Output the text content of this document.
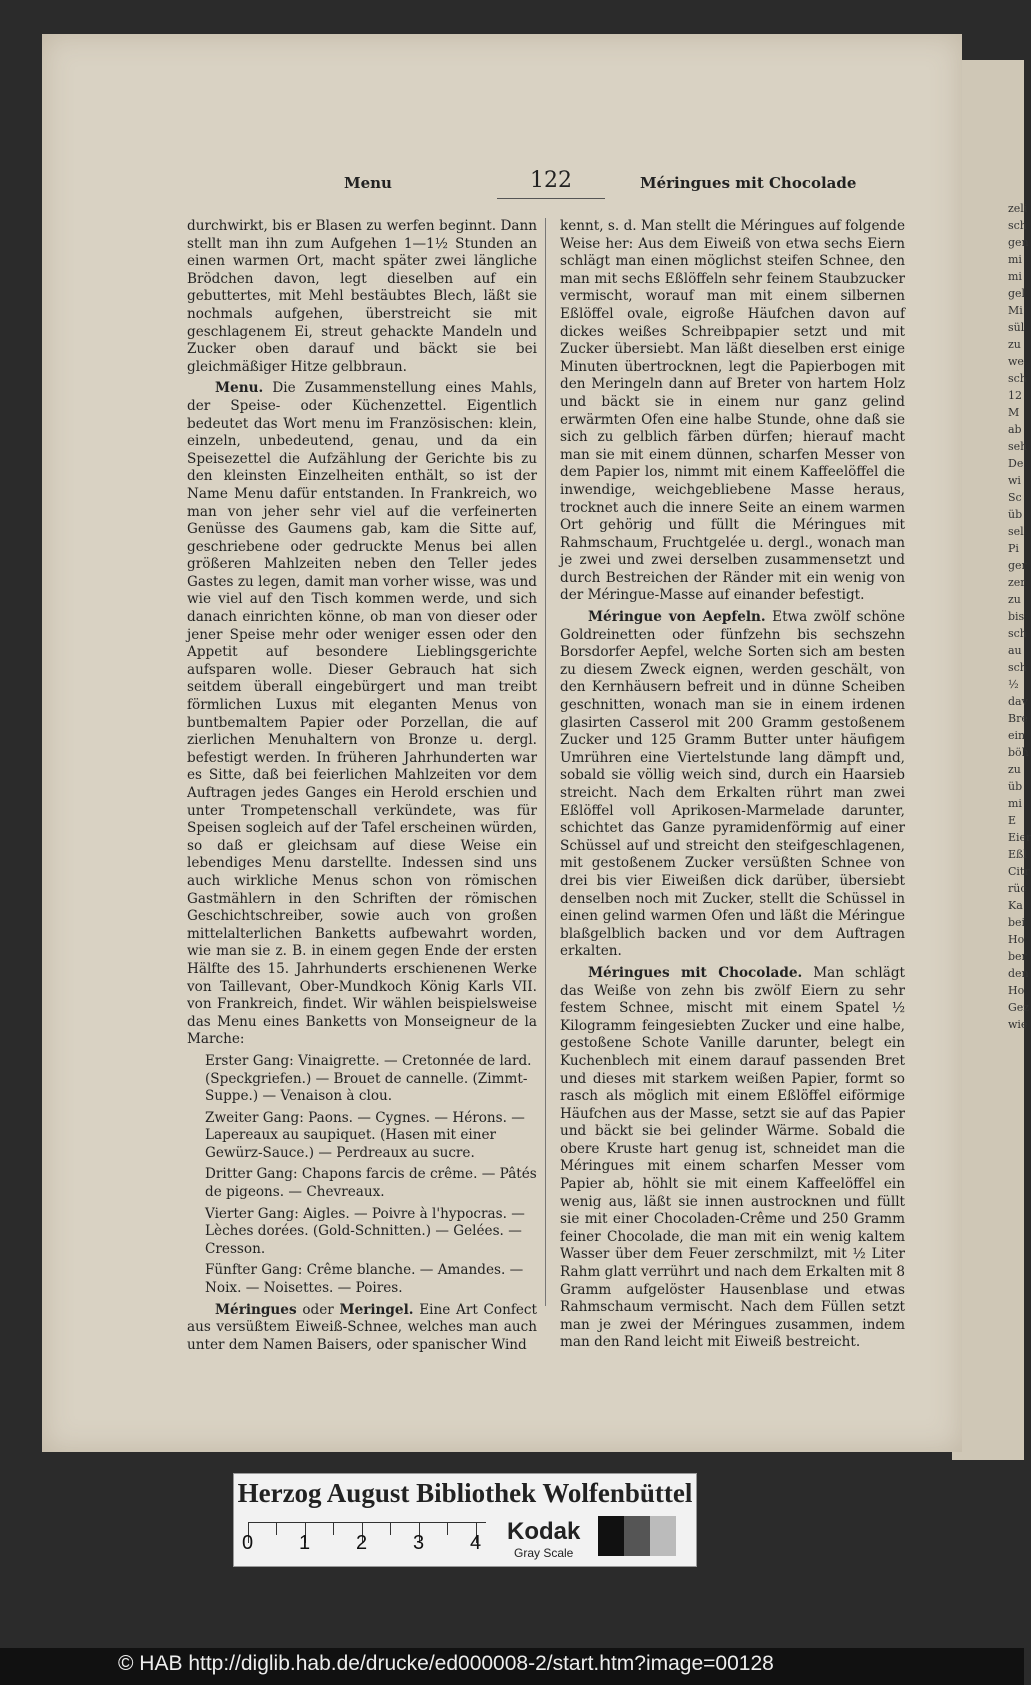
zeli sch gen mi mi gel Mi sül zu we sch 12 M ab seh De wi Sc üb sel Pi ger zer zu bis sch au sch ½ dav Bre ein böh zu üb mi E Eier Eßl Citr rüc Ka bei Ho ber den Ho Gez wie
Menu	122	Méringues mit Chocolade

durchwirkt, bis er Blasen zu werfen beginnt. Dann stellt man ihn zum Aufgehen 1—1½ Stunden an einen warmen Ort, macht später zwei längliche Brödchen davon, legt dieselben auf ein gebuttertes, mit Mehl bestäubtes Blech, läßt sie nochmals aufgehen, überstreicht sie mit geschlagenem Ei, streut gehackte Mandeln und Zucker oben darauf und bäckt sie bei gleichmäßiger Hitze gelbbraun.

Menu. Die Zusammenstellung eines Mahls, der Speise- oder Küchenzettel. Eigentlich bedeutet das Wort menu im Französischen: klein, einzeln, unbedeutend, genau, und da ein Speisezettel die Aufzählung der Gerichte bis zu den kleinsten Einzelheiten enthält, so ist der Name Menu dafür entstanden. In Frankreich, wo man von jeher sehr viel auf die verfeinerten Genüsse des Gaumens gab, kam die Sitte auf, geschriebene oder gedruckte Menus bei allen größeren Mahlzeiten neben den Teller jedes Gastes zu legen, damit man vorher wisse, was und wie viel auf den Tisch kommen werde, und sich danach einrichten könne, ob man von dieser oder jener Speise mehr oder weniger essen oder den Appetit auf besondere Lieblingsgerichte aufsparen wolle. Dieser Gebrauch hat sich seitdem überall eingebürgert und man treibt förmlichen Luxus mit eleganten Menus von buntbemaltem Papier oder Porzellan, die auf zierlichen Menuhaltern von Bronze u. dergl. befestigt werden. In früheren Jahrhunderten war es Sitte, daß bei feierlichen Mahlzeiten vor dem Auftragen jedes Ganges ein Herold erschien und unter Trompetenschall verkündete, was für Speisen sogleich auf der Tafel erscheinen würden, so daß er gleichsam auf diese Weise ein lebendiges Menu darstellte. Indessen sind uns auch wirkliche Menus schon von römischen Gastmählern in den Schriften der römischen Geschichtschreiber, sowie auch von großen mittelalterlichen Banketts aufbewahrt worden, wie man sie z. B. in einem gegen Ende der ersten Hälfte des 15. Jahrhunderts erschienenen Werke von Taillevant, Ober-Mundkoch König Karls VII. von Frankreich, findet. Wir wählen beispielsweise das Menu eines Banketts von Monseigneur de la Marche:

Erster Gang: Vinaigrette. — Cretonnée de lard. (Speckgriefen.) — Brouet de cannelle. (Zimmt-Suppe.) — Venaison à clou.

Zweiter Gang: Paons. — Cygnes. — Hérons. — Lapereaux au saupiquet. (Hasen mit einer Gewürz-Sauce.) — Perdreaux au sucre.

Dritter Gang: Chapons farcis de crême. — Pâtés de pigeons. — Chevreaux.

Vierter Gang: Aigles. — Poivre à l'hypocras. — Lèches dorées. (Gold-Schnitten.) — Gelées. — Cresson.

Fünfter Gang: Crême blanche. — Amandes. — Noix. — Noisettes. — Poires.

Méringues oder Meringel. Eine Art Confect aus versüßtem Eiweiß-Schnee, welches man auch unter dem Namen Baisers, oder spanischer Wind

kennt, s. d. Man stellt die Méringues auf folgende Weise her: Aus dem Eiweiß von etwa sechs Eiern schlägt man einen möglichst steifen Schnee, den man mit sechs Eßlöffeln sehr feinem Staubzucker vermischt, worauf man mit einem silbernen Eßlöffel ovale, eigroße Häufchen davon auf dickes weißes Schreibpapier setzt und mit Zucker übersiebt. Man läßt dieselben erst einige Minuten übertrocknen, legt die Papierbogen mit den Meringeln dann auf Breter von hartem Holz und bäckt sie in einem nur ganz gelind erwärmten Ofen eine halbe Stunde, ohne daß sie sich zu gelblich färben dürfen; hierauf macht man sie mit einem dünnen, scharfen Messer von dem Papier los, nimmt mit einem Kaffeelöffel die inwendige, weichgebliebene Masse heraus, trocknet auch die innere Seite an einem warmen Ort gehörig und füllt die Méringues mit Rahmschaum, Fruchtgelée u. dergl., wonach man je zwei und zwei derselben zusammensetzt und durch Bestreichen der Ränder mit ein wenig von der Méringue-Masse auf einander befestigt.

Méringue von Aepfeln. Etwa zwölf schöne Goldreinetten oder fünfzehn bis sechszehn Borsdorfer Aepfel, welche Sorten sich am besten zu diesem Zweck eignen, werden geschält, von den Kernhäusern befreit und in dünne Scheiben geschnitten, wonach man sie in einem irdenen glasirten Casserol mit 200 Gramm gestoßenem Zucker und 125 Gramm Butter unter häufigem Umrühren eine Viertelstunde lang dämpft und, sobald sie völlig weich sind, durch ein Haarsieb streicht. Nach dem Erkalten rührt man zwei Eßlöffel voll Aprikosen-Marmelade darunter, schichtet das Ganze pyramidenförmig auf einer Schüssel auf und streicht den steifgeschlagenen, mit gestoßenem Zucker versüßten Schnee von drei bis vier Eiweißen dick darüber, übersiebt denselben noch mit Zucker, stellt die Schüssel in einen gelind warmen Ofen und läßt die Méringue blaßgelblich backen und vor dem Auftragen erkalten.

Méringues mit Chocolade. Man schlägt das Weiße von zehn bis zwölf Eiern zu sehr festem Schnee, mischt mit einem Spatel ½ Kilogramm feingesiebten Zucker und eine halbe, gestoßene Schote Vanille darunter, belegt ein Kuchenblech mit einem darauf passenden Bret und dieses mit starkem weißen Papier, formt so rasch als möglich mit einem Eßlöffel eiförmige Häufchen aus der Masse, setzt sie auf das Papier und bäckt sie bei gelinder Wärme. Sobald die obere Kruste hart genug ist, schneidet man die Méringues mit einem scharfen Messer vom Papier ab, höhlt sie mit einem Kaffeelöffel ein wenig aus, läßt sie innen austrocknen und füllt sie mit einer Chocoladen-Crême und 250 Gramm feiner Chocolade, die man mit ein wenig kaltem Wasser über dem Feuer zerschmilzt, mit ½ Liter Rahm glatt verrührt und nach dem Erkalten mit 8 Gramm aufgelöster Hausenblase und etwas Rahmschaum vermischt. Nach dem Füllen setzt man je zwei der Méringues zusammen, indem man den Rand leicht mit Eiweiß bestreicht.

Herzog August Bibliothek Wolfenbüttel
0 1 2 3 4 Kodak
Gray Scale
© HAB http://diglib.hab.de/drucke/ed000008-2/start.htm?image=00128
